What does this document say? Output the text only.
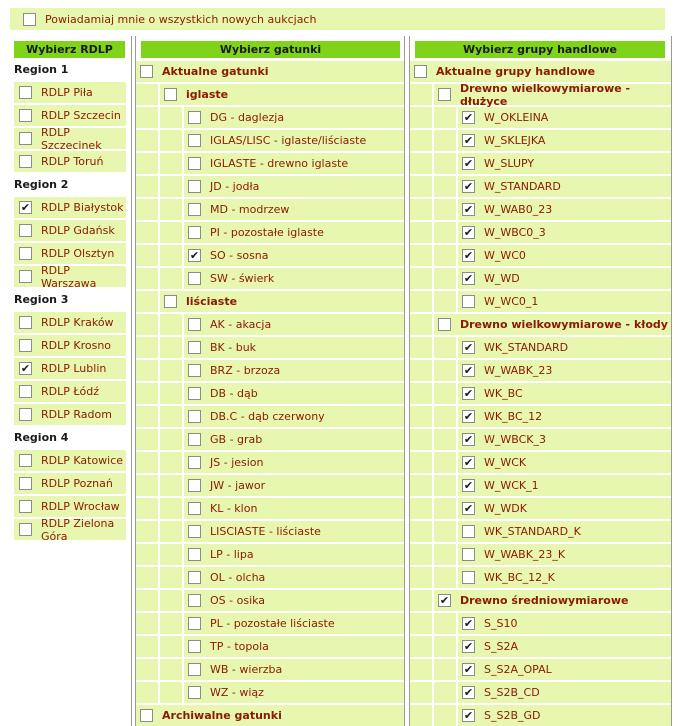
Powiadamiaj mnie o wszystkich nowych aukcjach
Wybierz RDLP
Region 1
RDLP Piła
RDLP Szczecin
RDLP Szczecinek
RDLP Toruń
Region 2
✔
RDLP Białystok
RDLP Gdańsk
RDLP Olsztyn
RDLP Warszawa
Region 3
RDLP Kraków
RDLP Krosno
✔
RDLP Lublin
RDLP Łódź
RDLP Radom
Region 4
RDLP Katowice
RDLP Poznań
RDLP Wrocław
RDLP Zielona Góra
Wybierz gatunki
Aktualne gatunki
iglaste
DG - daglezja
IGLAS/LISC - iglaste/liściaste
IGLASTE - drewno iglaste
JD - jodła
MD - modrzew
PI - pozostałe iglaste
✔
SO - sosna
SW - świerk
liściaste
AK - akacja
BK - buk
BRZ - brzoza
DB - dąb
DB.C - dąb czerwony
GB - grab
JS - jesion
JW - jawor
KL - klon
LISCIASTE - liściaste
LP - lipa
OL - olcha
OS - osika
PL - pozostałe liściaste
TP - topola
WB - wierzba
WZ - wiąz
Archiwalne gatunki
Wybierz grupy handlowe
Aktualne grupy handlowe
Drewno wielkowymiarowe - dłużyce
✔
W_OKLEINA
✔
W_SKLEJKA
✔
W_SLUPY
✔
W_STANDARD
✔
W_WAB0_23
✔
W_WBC0_3
✔
W_WC0
✔
W_WD
W_WC0_1
Drewno wielkowymiarowe - kłody
✔
WK_STANDARD
✔
W_WABK_23
✔
WK_BC
✔
WK_BC_12
✔
W_WBCK_3
✔
W_WCK
✔
W_WCK_1
✔
W_WDK
WK_STANDARD_K
W_WABK_23_K
WK_BC_12_K
✔
Drewno średniowymiarowe
✔
S_S10
✔
S_S2A
✔
S_S2A_OPAL
✔
S_S2B_CD
✔
S_S2B_GD
